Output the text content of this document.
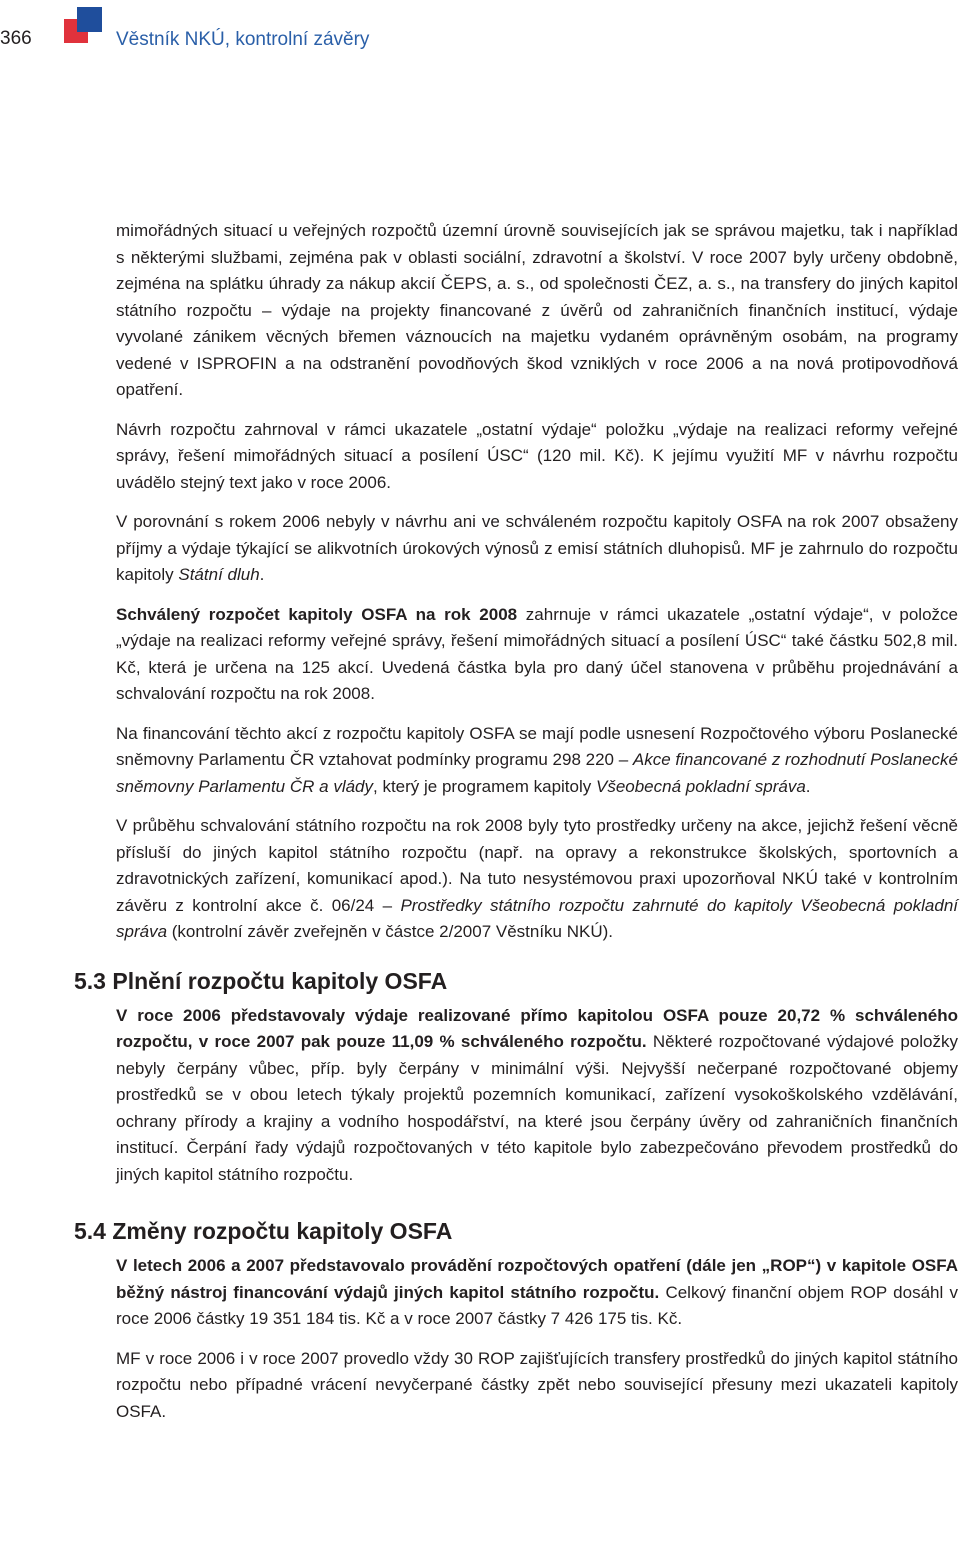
366	Věstník NKÚ, kontrolní závěry

mimořádných situací u veřejných rozpočtů územní úrovně souvisejících jak se správou majetku, tak i například s některými službami, zejména pak v oblasti sociální, zdravotní a školství. V roce 2007 byly určeny obdobně, zejména na splátku úhrady za nákup akcií ČEPS, a. s., od společnosti ČEZ, a. s., na transfery do jiných kapitol státního rozpočtu – výdaje na projekty financované z úvěrů od zahraničních finančních institucí, výdaje vyvolané zánikem věcných břemen váznoucích na majetku vydaném oprávněným osobám, na programy vedené v ISPROFIN a na odstranění povodňových škod vzniklých v roce 2006 a na nová protipovodňová opatření.

Návrh rozpočtu zahrnoval v rámci ukazatele „ostatní výdaje“ položku „výdaje na realizaci reformy veřejné správy, řešení mimořádných situací a posílení ÚSC“ (120 mil. Kč). K jejímu využití MF v návrhu rozpočtu uvádělo stejný text jako v roce 2006.

V porovnání s rokem 2006 nebyly v návrhu ani ve schváleném rozpočtu kapitoly OSFA na rok 2007 obsaženy příjmy a výdaje týkající se alikvotních úrokových výnosů z emisí státních dluhopisů. MF je zahrnulo do rozpočtu kapitoly Státní dluh.

Schválený rozpočet kapitoly OSFA na rok 2008 zahrnuje v rámci ukazatele „ostatní výdaje“, v položce „výdaje na realizaci reformy veřejné správy, řešení mimořádných situací a posílení ÚSC“ také částku 502,8 mil. Kč, která je určena na 125 akcí. Uvedená částka byla pro daný účel stanovena v průběhu projednávání a schvalování rozpočtu na rok 2008.

Na financování těchto akcí z rozpočtu kapitoly OSFA se mají podle usnesení Rozpočtového výboru Poslanecké sněmovny Parlamentu ČR vztahovat podmínky programu 298 220 – Akce financované z rozhodnutí Poslanecké sněmovny Parlamentu ČR a vlády, který je programem kapitoly Všeobecná pokladní správa.

V průběhu schvalování státního rozpočtu na rok 2008 byly tyto prostředky určeny na akce, jejichž řešení věcně přísluší do jiných kapitol státního rozpočtu (např. na opravy a rekonstrukce školských, sportovních a zdravotnických zařízení, komunikací apod.). Na tuto nesystémovou praxi upozorňoval NKÚ také v kontrolním závěru z kontrolní akce č. 06/24 – Prostředky státního rozpočtu zahrnuté do kapitoly Všeobecná pokladní správa (kontrolní závěr zveřejněn v částce 2/2007 Věstníku NKÚ).

5.3 Plnění rozpočtu kapitoly OSFA

V roce 2006 představovaly výdaje realizované přímo kapitolou OSFA pouze 20,72 % schváleného rozpočtu, v roce 2007 pak pouze 11,09 % schváleného rozpočtu. Některé rozpočtované výdajové položky nebyly čerpány vůbec, příp. byly čerpány v minimální výši. Nejvyšší nečerpané rozpočtované objemy prostředků se v obou letech týkaly projektů pozemních komunikací, zařízení vysokoškolského vzdělávání, ochrany přírody a krajiny a vodního hospodářství, na které jsou čerpány úvěry od zahraničních finančních institucí. Čerpání řady výdajů rozpočtovaných v této kapitole bylo zabezpečováno převodem prostředků do jiných kapitol státního rozpočtu.

5.4 Změny rozpočtu kapitoly OSFA

V letech 2006 a 2007 představovalo provádění rozpočtových opatření (dále jen „ROP“) v kapitole OSFA běžný nástroj financování výdajů jiných kapitol státního rozpočtu. Celkový finanční objem ROP dosáhl v roce 2006 částky 19 351 184 tis. Kč a v roce 2007 částky 7 426 175 tis. Kč.

MF v roce 2006 i v roce 2007 provedlo vždy 30 ROP zajišťujících transfery prostředků do jiných kapitol státního rozpočtu nebo případné vrácení nevyčerpané částky zpět nebo související přesuny mezi ukazateli kapitoly OSFA.
